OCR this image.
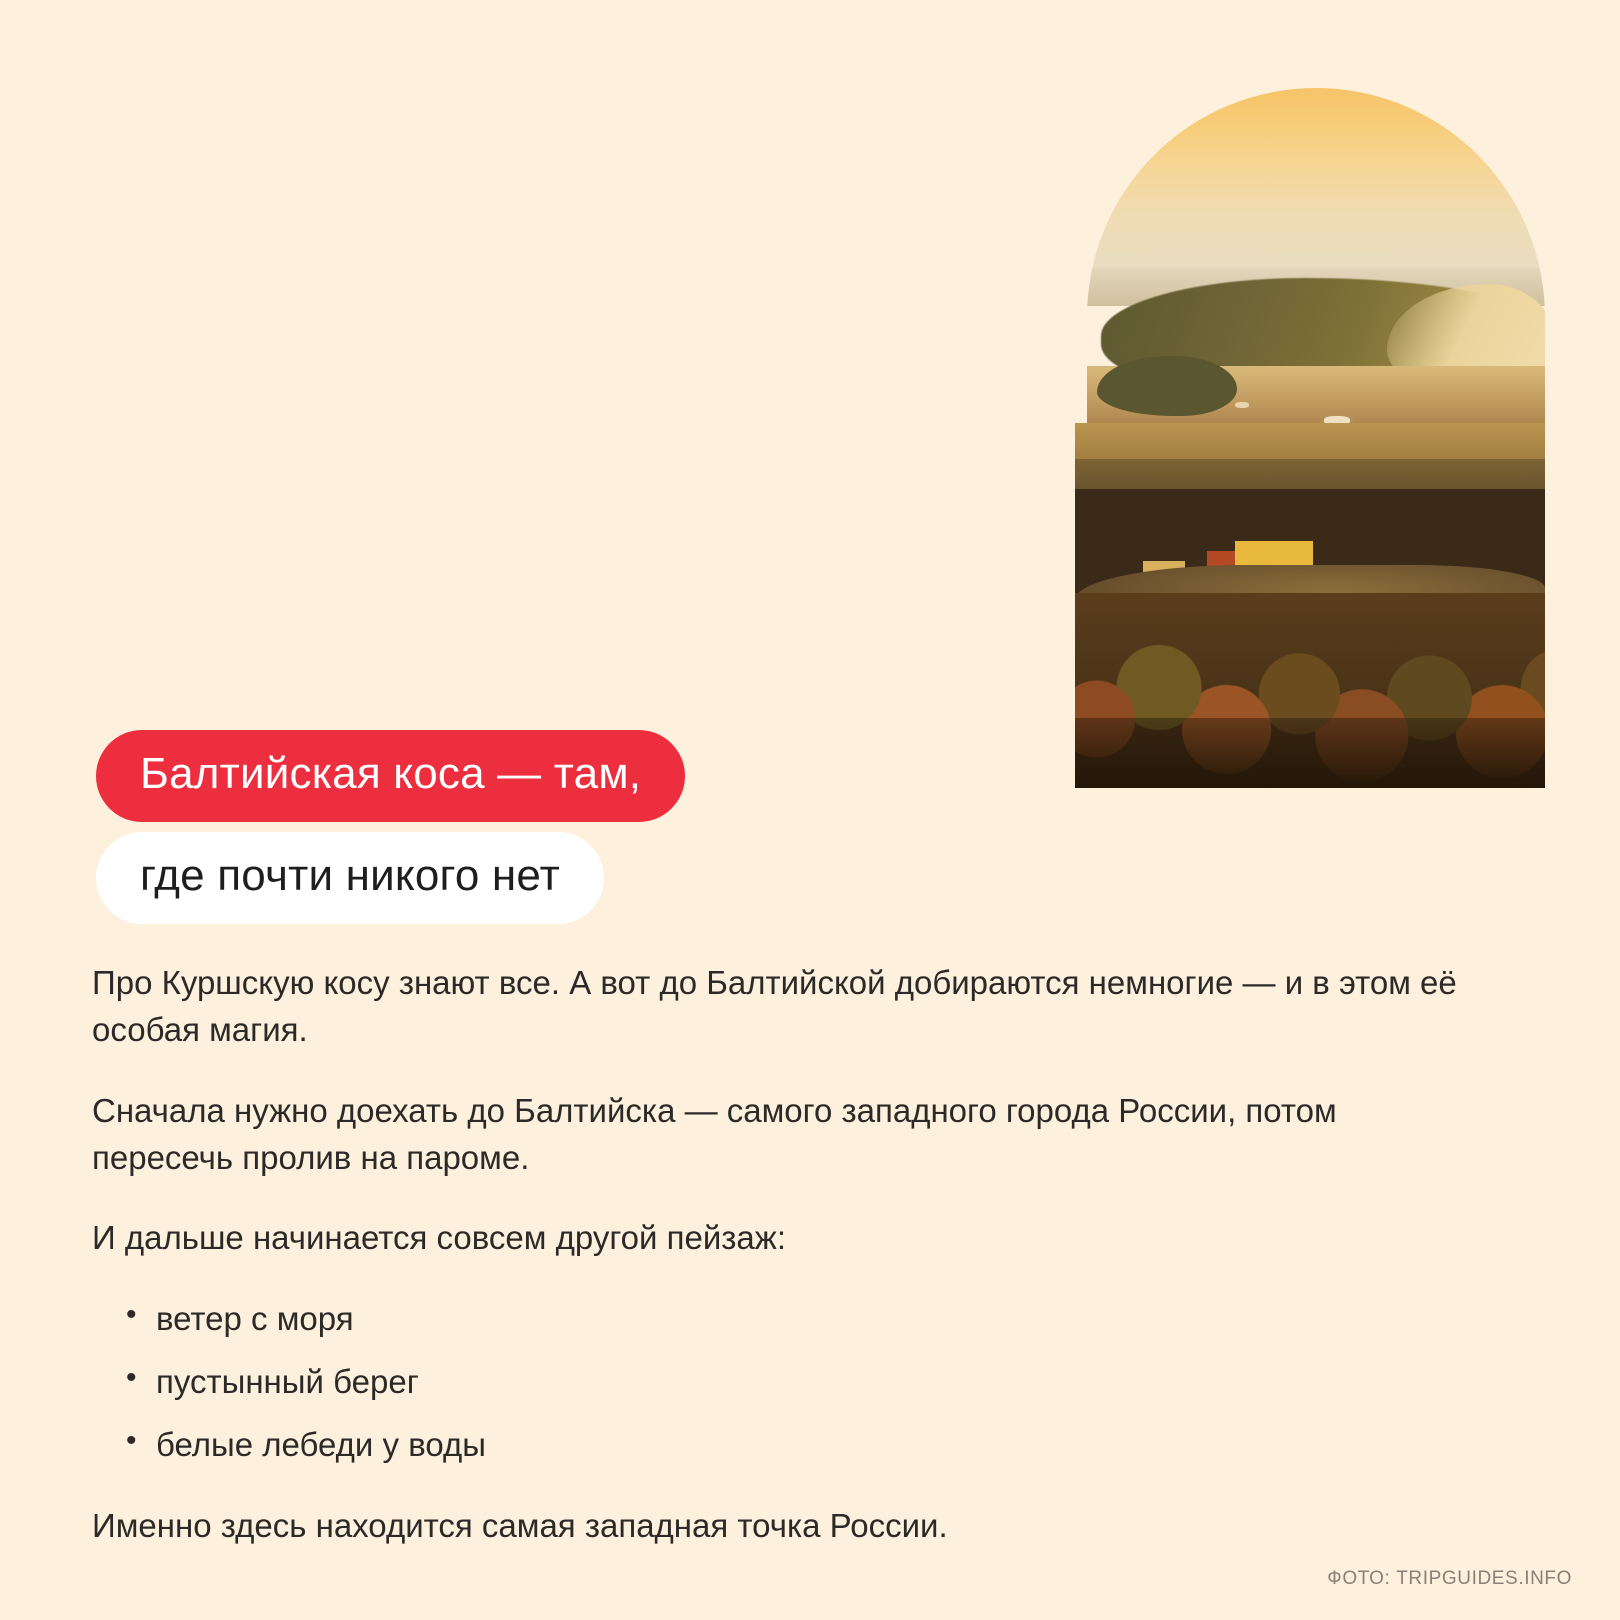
Балтийская коса — там, где почти никого нет

Про Куршскую косу знают все. А вот до Балтийской добираются немногие — и в этом её особая магия.

Сначала нужно доехать до Балтийска — самого западного города России, потом пересечь пролив на пароме.

И дальше начинается совсем другой пейзаж:

• ветер с моря
• пустынный берег
• белые лебеди у воды

Именно здесь находится самая западная точка России.

ФОТО: TRIPGUIDES.INFO
